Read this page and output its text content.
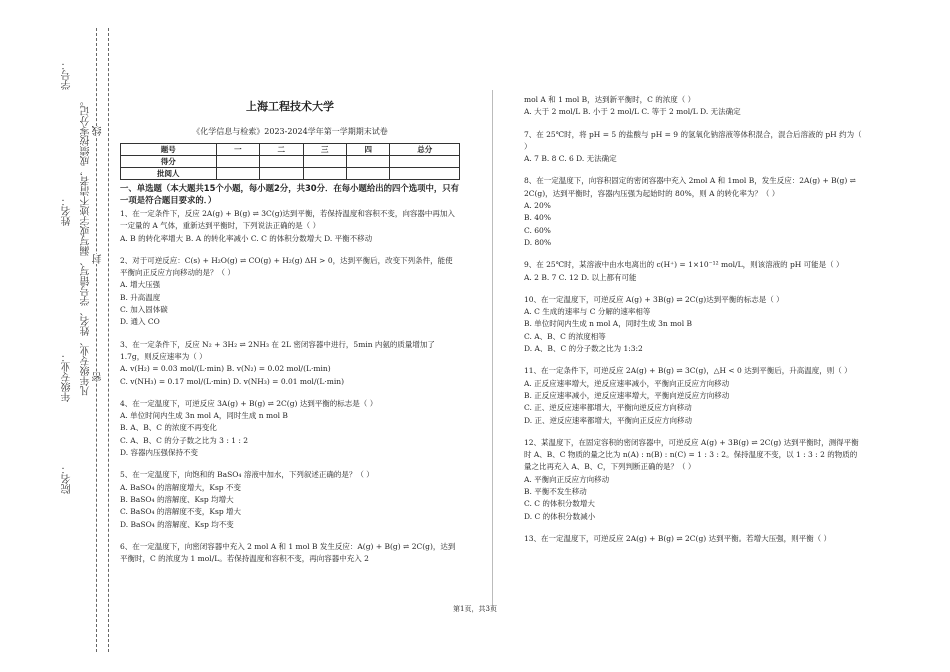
学号：
姓名：
年级专业：
院名：
凡年级专业、姓名、学号错写、漏写或字迹不清者，成绩按零分记。 线
封
密
上海工程技术大学
《化学信息与检索》2023-2024学年第一学期期末试卷
题号	一	二	三	四	总分
得分					
批阅人					
一、单选题（本大题共15个小题，每小题2分，共30分．在每小题给出的四个选项中，只有一项是符合题目要求的．）
1、在一定条件下，反应 2A(g) + B(g) ⇌ 3C(g)达到平衡，若保持温度和容积不变，向容器中再加入一定量的 A 气体，重新达到平衡时，下列说法正确的是（ ）
A. B 的转化率增大 B. A 的转化率减小 C. C 的体积分数增大 D. 平衡不移动
2、对于可逆反应：C(s) + H₂O(g) ⇌ CO(g) + H₂(g) ΔH > 0，达到平衡后，改变下列条件，能使平衡向正反应方向移动的是？（ ）
A. 增大压强
B. 升高温度
C. 加入固体碳
D. 通入 CO
3、在一定条件下，反应 N₂ + 3H₂ ⇌ 2NH₃ 在 2L 密闭容器中进行，5min 内氨的质量增加了 1.7g，则反应速率为（ ）
A. v(H₂) = 0.03 mol/(L·min) B. v(N₂) = 0.02 mol/(L·min)
C. v(NH₃) = 0.17 mol/(L·min) D. v(NH₃) = 0.01 mol/(L·min)
4、在一定温度下，可逆反应 3A(g) + B(g) ⇌ 2C(g) 达到平衡的标志是（ ）
A. 单位时间内生成 3n mol A，同时生成 n mol B
B. A、B、C 的浓度不再变化
C. A、B、C 的分子数之比为 3 : 1 : 2
D. 容器内压强保持不变
5、在一定温度下，向饱和的 BaSO₄ 溶液中加水，下列叙述正确的是？（ ）
A. BaSO₄ 的溶解度增大，Ksp 不变
B. BaSO₄ 的溶解度、Ksp 均增大
C. BaSO₄ 的溶解度不变，Ksp 增大
D. BaSO₄ 的溶解度、Ksp 均不变
6、在一定温度下，向密闭容器中充入 2 mol A 和 1 mol B 发生反应：A(g) + B(g) ⇌ 2C(g)，达到平衡时，C 的浓度为 1 mol/L。若保持温度和容积不变，再向容器中充入 2
mol A 和 1 mol B，达到新平衡时，C 的浓度（ ）
A. 大于 2 mol/L B. 小于 2 mol/L C. 等于 2 mol/L D. 无法确定
7、在 25℃时，将 pH = 5 的盐酸与 pH = 9 的氢氧化钠溶液等体积混合，混合后溶液的 pH 约为（ ）
A. 7 B. 8 C. 6 D. 无法确定
8、在一定温度下，向容积固定的密闭容器中充入 2mol A 和 1mol B，发生反应：2A(g) + B(g) ⇌ 2C(g)，达到平衡时，容器内压强为起始时的 80%，则 A 的转化率为？（ ）
A. 20%
B. 40%
C. 60%
D. 80%
9、在 25℃时，某溶液中由水电离出的 c(H⁺) = 1×10⁻¹² mol/L，则该溶液的 pH 可能是（ ）
A. 2 B. 7 C. 12 D. 以上都有可能
10、在一定温度下，可逆反应 A(g) + 3B(g) ⇌ 2C(g)达到平衡的标志是（ ）
A. C 生成的速率与 C 分解的速率相等
B. 单位时间内生成 n mol A，同时生成 3n mol B
C. A、B、C 的浓度相等
D. A、B、C 的分子数之比为 1:3:2
11、在一定条件下，可逆反应 2A(g) + B(g) ⇌ 3C(g)，△H < 0 达到平衡后，升高温度，则（ ）
A. 正反应速率增大，逆反应速率减小，平衡向正反应方向移动
B. 正反应速率减小，逆反应速率增大，平衡向逆反应方向移动
C. 正、逆反应速率都增大，平衡向逆反应方向移动
D. 正、逆反应速率都增大，平衡向正反应方向移动
12、某温度下，在固定容积的密闭容器中，可逆反应 A(g) + 3B(g) ⇌ 2C(g) 达到平衡时，测得平衡时 A、B、C 物质的量之比为 n(A) : n(B) : n(C) = 1 : 3 : 2。保持温度不变，以 1 : 3 : 2 的物质的量之比再充入 A、B、C，下列判断正确的是？（ ）
A. 平衡向正反应方向移动
B. 平衡不发生移动
C. C 的体积分数增大
D. C 的体积分数减小
13、在一定温度下，可逆反应 2A(g) + B(g) ⇌ 2C(g) 达到平衡。若增大压强，则平衡（ ）
第1页，共3页
